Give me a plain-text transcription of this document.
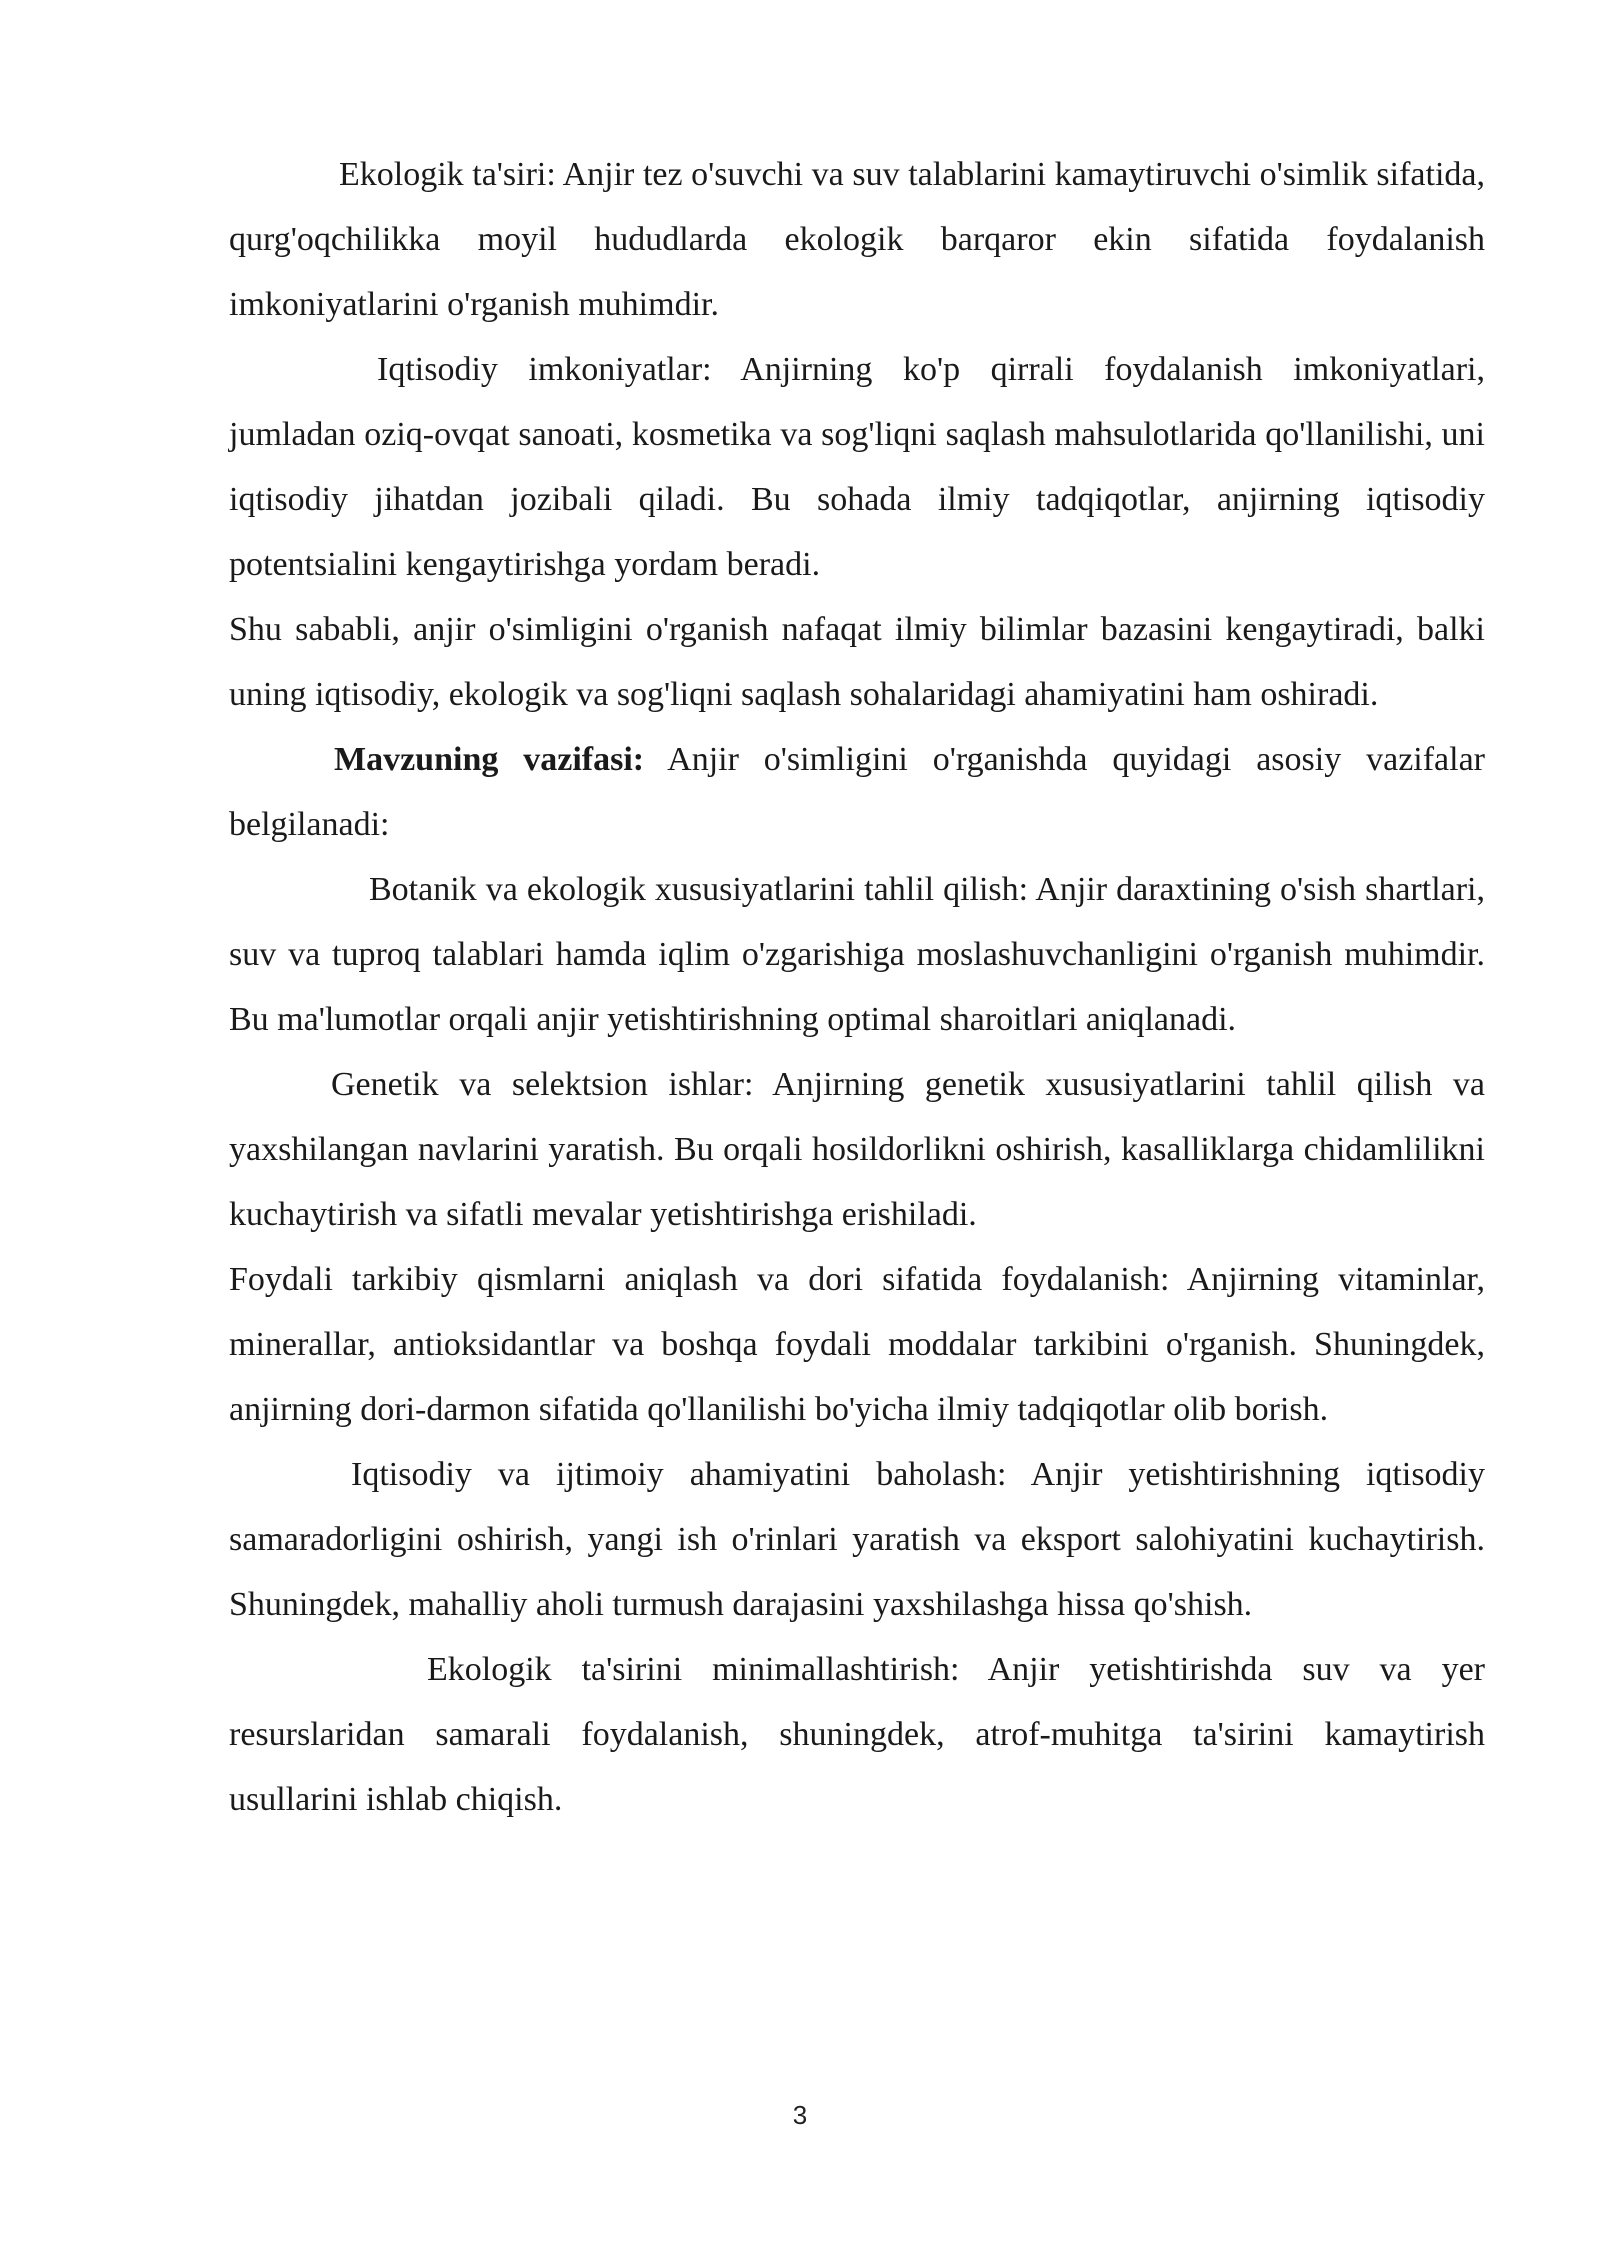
Ekologik ta'siri: Anjir tez o'suvchi va suv talablarini kamaytiruvchi o'simlik sifatida, qurg'oqchilikka moyil hududlarda ekologik barqaror ekin sifatida foydalanish imkoniyatlarini o'rganish muhimdir.

Iqtisodiy imkoniyatlar: Anjirning ko'p qirrali foydalanish imkoniyatlari, jumladan oziq-ovqat sanoati, kosmetika va sog'liqni saqlash mahsulotlarida qo'llanilishi, uni iqtisodiy jihatdan jozibali qiladi. Bu sohada ilmiy tadqiqotlar, anjirning iqtisodiy potentsialini kengaytirishga yordam beradi.

Shu sababli, anjir o'simligini o'rganish nafaqat ilmiy bilimlar bazasini kengaytiradi, balki uning iqtisodiy, ekologik va sog'liqni saqlash sohalaridagi ahamiyatini ham oshiradi.

Mavzuning vazifasi: Anjir o'simligini o'rganishda quyidagi asosiy vazifalar belgilanadi:

Botanik va ekologik xususiyatlarini tahlil qilish: Anjir daraxtining o'sish shartlari, suv va tuproq talablari hamda iqlim o'zgarishiga moslashuvchanligini o'rganish muhimdir. Bu ma'lumotlar orqali anjir yetishtirishning optimal sharoitlari aniqlanadi.

Genetik va selektsion ishlar: Anjirning genetik xususiyatlarini tahlil qilish va yaxshilangan navlarini yaratish. Bu orqali hosildorlikni oshirish, kasalliklarga chidamlilikni kuchaytirish va sifatli mevalar yetishtirishga erishiladi.

Foydali tarkibiy qismlarni aniqlash va dori sifatida foydalanish: Anjirning vitaminlar, minerallar, antioksidantlar va boshqa foydali moddalar tarkibini o'rganish. Shuningdek, anjirning dori-darmon sifatida qo'llanilishi bo'yicha ilmiy tadqiqotlar olib borish.

Iqtisodiy va ijtimoiy ahamiyatini baholash: Anjir yetishtirishning iqtisodiy samaradorligini oshirish, yangi ish o'rinlari yaratish va eksport salohiyatini kuchaytirish. Shuningdek, mahalliy aholi turmush darajasini yaxshilashga hissa qo'shish.

Ekologik ta'sirini minimallashtirish: Anjir yetishtirishda suv va yer resurslaridan samarali foydalanish, shuningdek, atrof-muhitga ta'sirini kamaytirish usullarini ishlab chiqish.

3
